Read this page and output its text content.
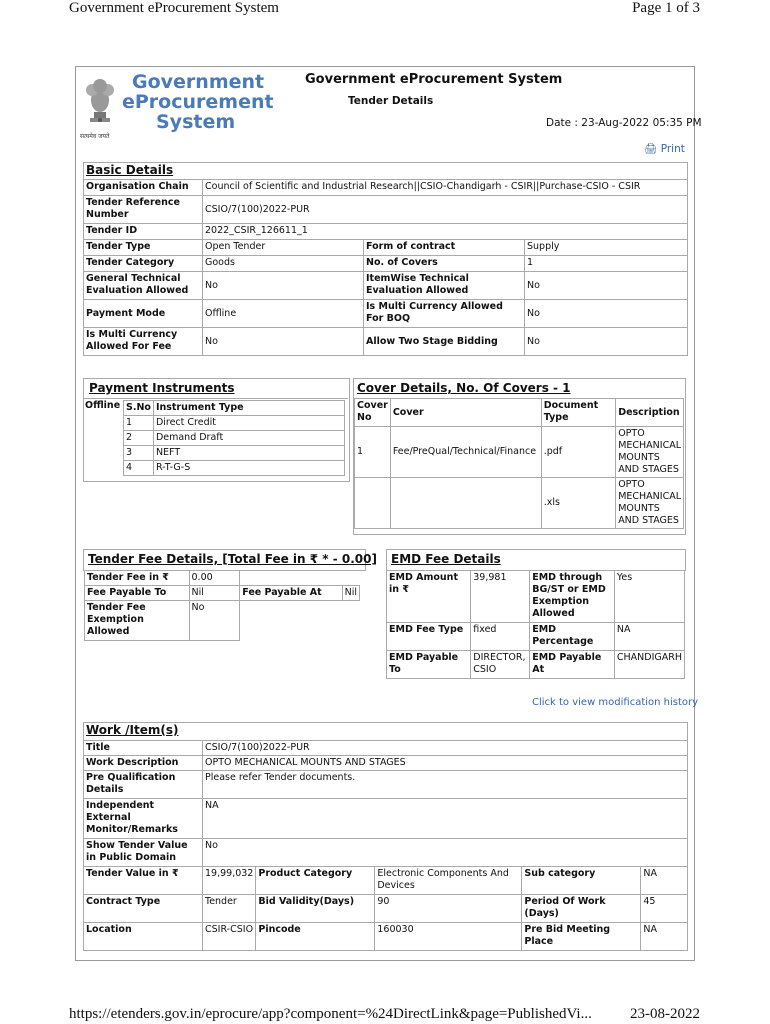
Government eProcurement System	Page 1 of 3
सत्यमेव जयते
Government
eProcurement
System
Government eProcurement System
Tender Details
Date : 23-Aug-2022 05:35 PM
🖨 Print
Basic Details			
Organisation Chain	Council of Scientific and Industrial Research||CSIO-Chandigarh - CSIR||Purchase-CSIO - CSIR		
Tender Reference Number	CSIO/7(100)2022-PUR		
Tender ID	2022_CSIR_126611_1		
Tender Type	Open Tender	Form of contract	Supply
Tender Category	Goods	No. of Covers	1
General Technical Evaluation Allowed	No	ItemWise Technical Evaluation Allowed	No
Payment Mode	Offline	Is Multi Currency Allowed For BOQ	No
Is Multi Currency Allowed For Fee	No	Allow Two Stage Bidding	No
Payment Instruments
Offline S.No	Instrument Type
1	Direct Credit
2	Demand Draft
3	NEFT
4	R-T-G-S
Cover Details, No. Of Covers - 1
Cover No	Cover	Document Type	Description
1	Fee/PreQual/Technical/Finance	.pdf	OPTO MECHANICAL MOUNTS AND STAGES
		.xls	OPTO MECHANICAL MOUNTS AND STAGES
Tender Fee Details, [Total Fee in ₹ * - 0.00]
Tender Fee in ₹	0.00		
Fee Payable To	Nil	Fee Payable At	Nil
Tender Fee Exemption Allowed	No		
EMD Fee Details
EMD Amount in ₹	39,981	EMD through BG/ST or EMD Exemption Allowed	Yes
EMD Fee Type	fixed	EMD Percentage	NA
EMD Payable To	DIRECTOR, CSIO	EMD Payable At	CHANDIGARH
Click to view modification history
Work /Item(s)					
Title	CSIO/7(100)2022-PUR				
Work Description	OPTO MECHANICAL MOUNTS AND STAGES				
Pre Qualification Details	Please refer Tender documents.				
Independent External Monitor/Remarks	NA				
Show Tender Value in Public Domain	No				
Tender Value in ₹	19,99,032	Product Category	Electronic Components And Devices	Sub category	NA
Contract Type	Tender	Bid Validity(Days)	90	Period Of Work (Days)	45
Location	CSIR-CSIO	Pincode	160030	Pre Bid Meeting Place	NA
https://etenders.gov.in/eprocure/app?component=%24DirectLink&page=PublishedVi...	23-08-2022
